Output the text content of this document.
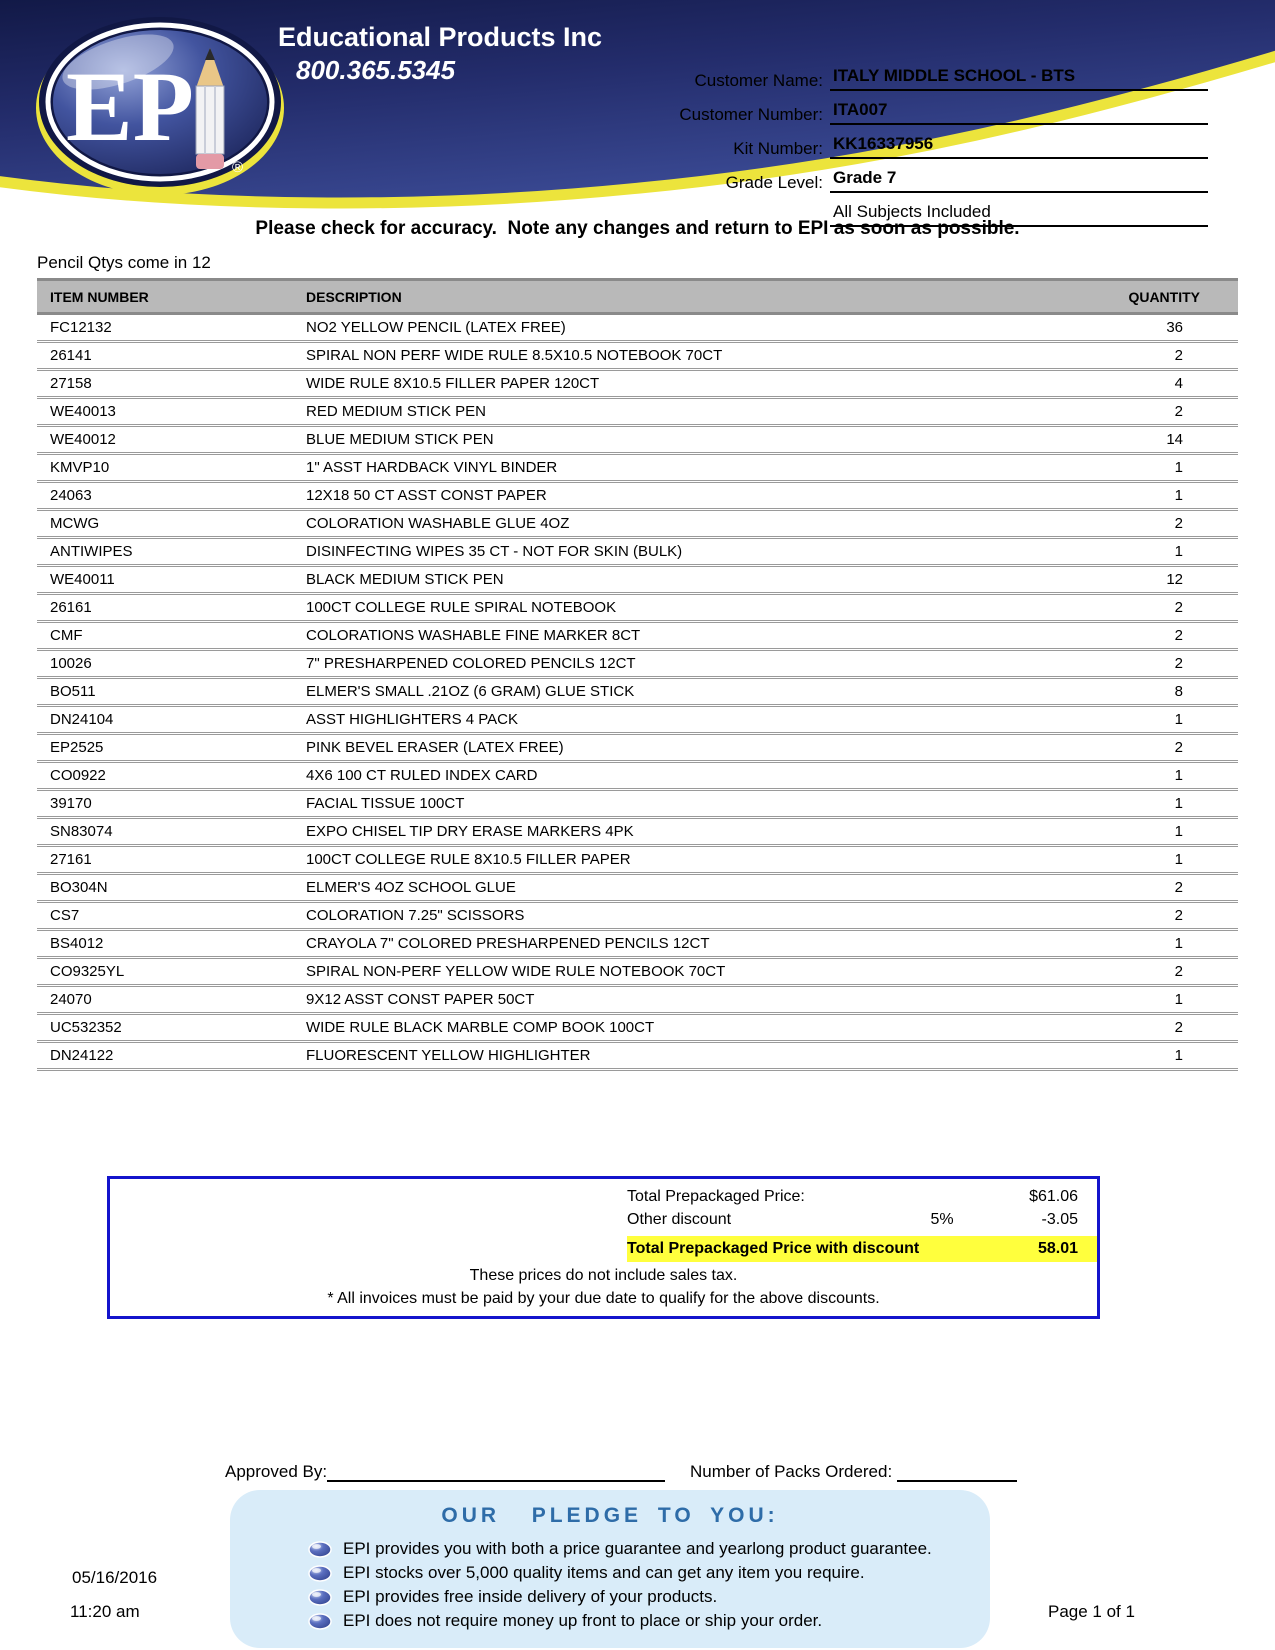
EP
®
Educational Products Inc
800.365.5345	Customer Name: ITALY MIDDLE SCHOOL - BTS
Customer Number: ITA007
Kit Number: KK16337956
Grade Level: Grade 7
All Subjects Included
Please check for accuracy.  Note any changes and return to EPI as soon as possible.
Pencil Qtys come in 12
ITEM NUMBER	DESCRIPTION	QUANTITY
FC12132	NO2 YELLOW PENCIL (LATEX FREE)	36
26141	SPIRAL NON PERF WIDE RULE 8.5X10.5 NOTEBOOK 70CT	2
27158	WIDE RULE 8X10.5 FILLER PAPER 120CT	4
WE40013	RED MEDIUM STICK PEN	2
WE40012	BLUE MEDIUM STICK PEN	14
KMVP10	1" ASST HARDBACK VINYL BINDER	1
24063	12X18 50 CT ASST CONST PAPER	1
MCWG	COLORATION WASHABLE GLUE 4OZ	2
ANTIWIPES	DISINFECTING WIPES 35 CT - NOT FOR SKIN (BULK)	1
WE40011	BLACK MEDIUM STICK PEN	12
26161	100CT COLLEGE RULE SPIRAL NOTEBOOK	2
CMF	COLORATIONS WASHABLE FINE MARKER 8CT	2
10026	7" PRESHARPENED COLORED PENCILS 12CT	2
BO511	ELMER'S SMALL .21OZ (6 GRAM) GLUE STICK	8
DN24104	ASST HIGHLIGHTERS 4 PACK	1
EP2525	PINK BEVEL ERASER (LATEX FREE)	2
CO0922	4X6 100 CT RULED INDEX CARD	1
39170	FACIAL TISSUE 100CT	1
SN83074	EXPO CHISEL TIP DRY ERASE MARKERS 4PK	1
27161	100CT COLLEGE RULE 8X10.5 FILLER PAPER	1
BO304N	ELMER'S 4OZ SCHOOL GLUE	2
CS7	COLORATION 7.25" SCISSORS	2
BS4012	CRAYOLA 7" COLORED PRESHARPENED PENCILS 12CT	1
CO9325YL	SPIRAL NON-PERF YELLOW WIDE RULE NOTEBOOK 70CT	2
24070	9X12 ASST CONST PAPER 50CT	1
UC532352	WIDE RULE BLACK MARBLE COMP BOOK 100CT	2
DN24122	FLUORESCENT YELLOW HIGHLIGHTER	1
Total Prepackaged Price:	$61.06
Other discount	5%	-3.05
Total Prepackaged Price with discount	58.01
These prices do not include sales tax.
* All invoices must be paid by your due date to qualify for the above discounts.
Approved By:	Number of Packs Ordered:
OUR  PLEDGE TO YOU:
EPI provides you with both a price guarantee and yearlong product guarantee.
EPI stocks over 5,000 quality items and can get any item you require.
EPI provides free inside delivery of your products.
EPI does not require money up front to place or ship your order.
05/16/2016
11:20 am	Page 1 of 1
